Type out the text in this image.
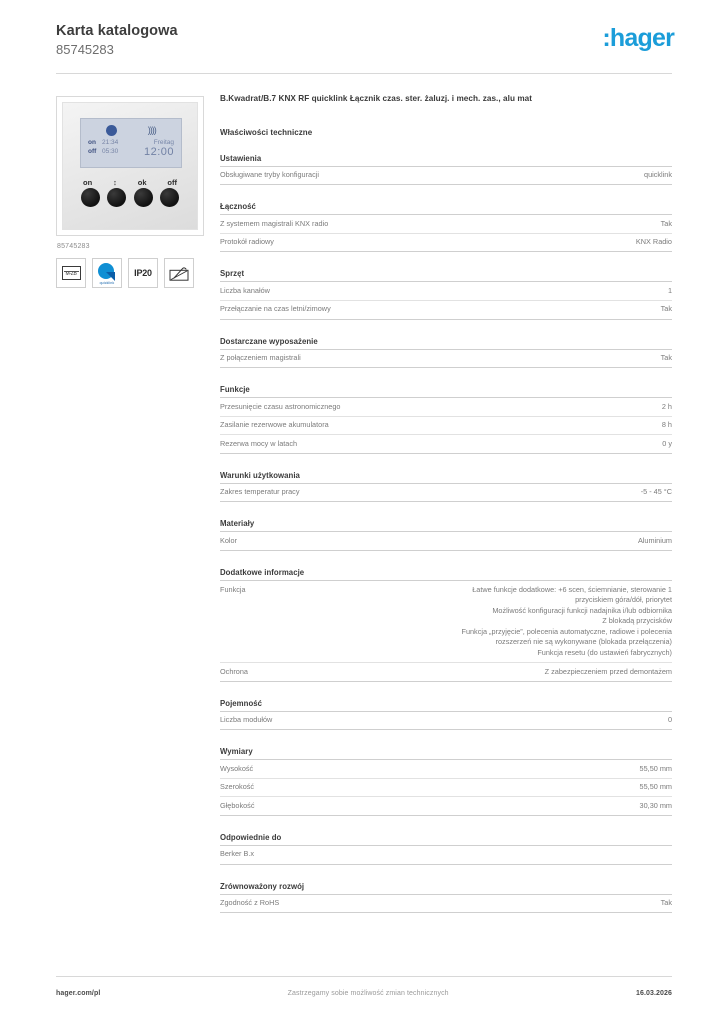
Karta katalogowa
85745283	:hager
))))
on 21:34
off 05:30
Freitag
12:00
on	↕	ok	off
85745283
M-ZB
quicklink
IP20
B.Kwadrat/B.7 KNX RF quicklink Łącznik czas. ster. żaluzj. i mech. zas., alu mat
Właściwości techniczne
Ustawienia
Obsługiwane tryby konfiguracji	quicklink
Łączność
Z systemem magistrali KNX radio	Tak
Protokół radiowy	KNX Radio
Sprzęt
Liczba kanałów	1
Przełączanie na czas letni/zimowy	Tak
Dostarczane wyposażenie
Z połączeniem magistrali	Tak
Funkcje
Przesunięcie czasu astronomicznego	2 h
Zasilanie rezerwowe akumulatora	8 h
Rezerwa mocy w latach	0 y
Warunki użytkowania
Zakres temperatur pracy	-5 - 45 °C
Materiały
Kolor	Aluminium
Dodatkowe informacje
Funkcja	Łatwe funkcje dodatkowe: +6 scen, ściemnianie, sterowanie 1
przyciskiem góra/dół, priorytet
Możliwość konfiguracji funkcji nadajnika i/lub odbiornika
Z blokadą przycisków
Funkcja „przyjęcie”, polecenia automatyczne, radiowe i polecenia
rozszerzeń nie są wykonywane (blokada przełączenia)
Funkcja resetu (do ustawień fabrycznych)
Ochrona	Z zabezpieczeniem przed demontażem
Pojemność
Liczba modułów	0
Wymiary
Wysokość	55,50 mm
Szerokość	55,50 mm
Głębokość	30,30 mm
Odpowiednie do
Berker B.x
Zrównoważony rozwój
Zgodność z RoHS	Tak
hager.com/pl	Zastrzegamy sobie możliwość zmian technicznych	16.03.2026
